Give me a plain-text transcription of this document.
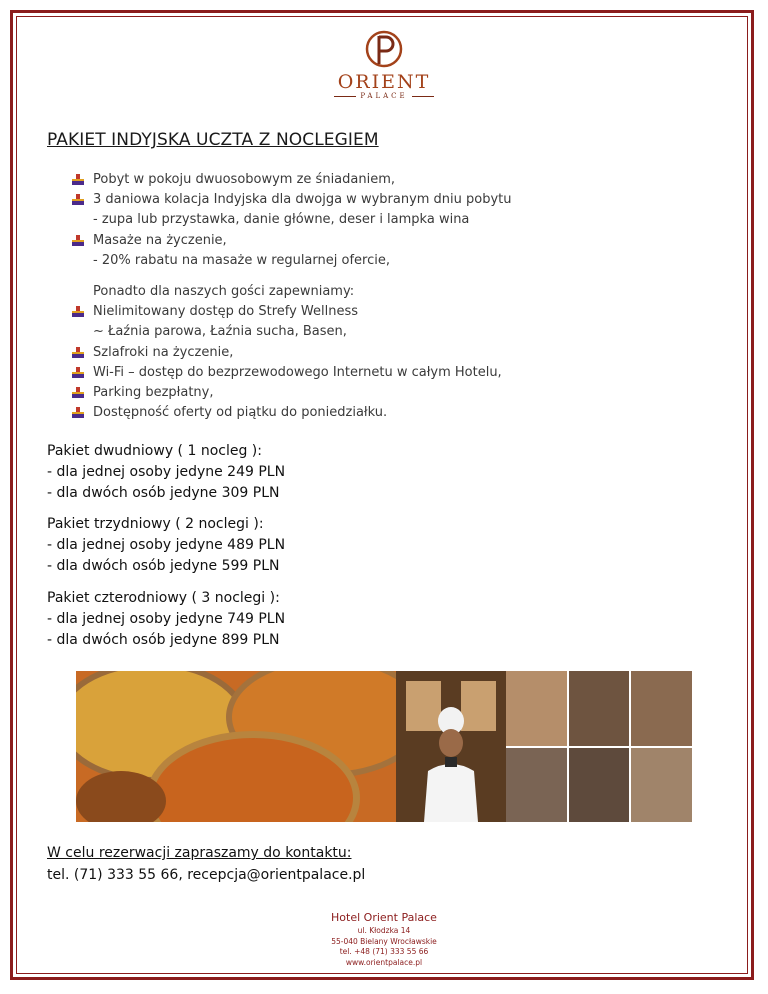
ORIENT
PALACE
PAKIET INDYJSKA UCZTA Z NOCLEGIEM
Pobyt w pokoju dwuosobowym ze śniadaniem,
3 daniowa kolacja Indyjska dla dwojga w wybranym dniu pobytu
- zupa lub przystawka, danie główne, deser i lampka wina
Masaże na życzenie,
- 20% rabatu na masaże w regularnej ofercie,
Ponadto dla naszych gości zapewniamy:
Nielimitowany dostęp do Strefy Wellness
~ Łaźnia parowa, Łaźnia sucha, Basen,
Szlafroki na życzenie,
Wi-Fi – dostęp do bezprzewodowego Internetu w całym Hotelu,
Parking bezpłatny,
Dostępność oferty od piątku do poniedziałku.
Pakiet dwudniowy ( 1 nocleg ):
- dla jednej osoby jedyne 249 PLN
- dla dwóch osób jedyne 309 PLN
Pakiet trzydniowy ( 2 noclegi ):
- dla jednej osoby jedyne 489 PLN
- dla dwóch osób jedyne 599 PLN
Pakiet czterodniowy ( 3 noclegi ):
- dla jednej osoby jedyne 749 PLN
- dla dwóch osób jedyne 899 PLN
W celu rezerwacji zapraszamy do kontaktu:
tel. (71) 333 55 66, recepcja@orientpalace.pl
Hotel Orient Palace
ul. Kłodzka 14
55-040 Bielany Wrocławskie
tel. +48 (71) 333 55 66
www.orientpalace.pl
